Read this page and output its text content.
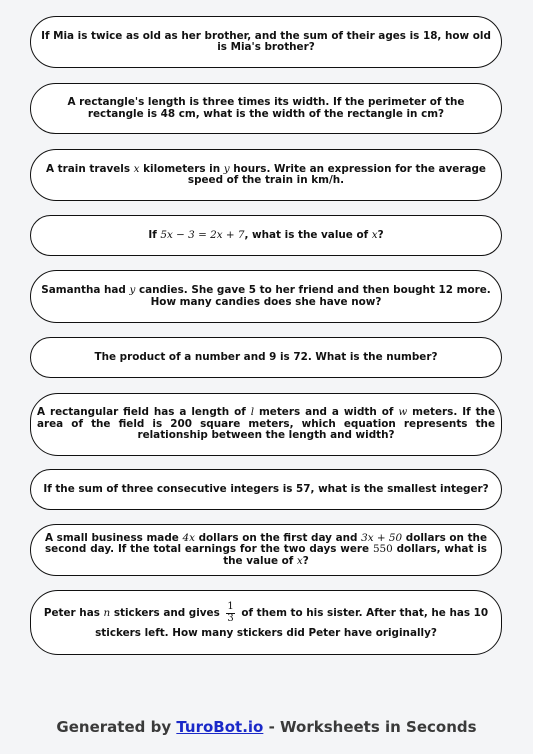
If Mia is twice as old as her brother, and the sum of their ages is 18, how old is Mia's brother?

A rectangle's length is three times its width. If the perimeter of the rectangle is 48 cm, what is the width of the rectangle in cm?

A train travels x kilometers in y hours. Write an expression for the average speed of the train in km/h.

If 5x − 3 = 2x + 7, what is the value of x?

Samantha had y candies. She gave 5 to her friend and then bought 12 more. How many candies does she have now?

The product of a number and 9 is 72. What is the number?

A rectangular field has a length of l meters and a width of w meters. If the area of the field is 200 square meters, which equation represents the relationship between the length and width?

If the sum of three consecutive integers is 57, what is the smallest integer?

A small business made 4x dollars on the first day and 3x + 50 dollars on the second day. If the total earnings for the two days were 550 dollars, what is the value of x?

Peter has n stickers and gives $\frac{1}{3}$ of them to his sister. After that, he has 10 stickers left. How many stickers did Peter have originally?

Generated by TuroBot.io - Worksheets in Seconds
